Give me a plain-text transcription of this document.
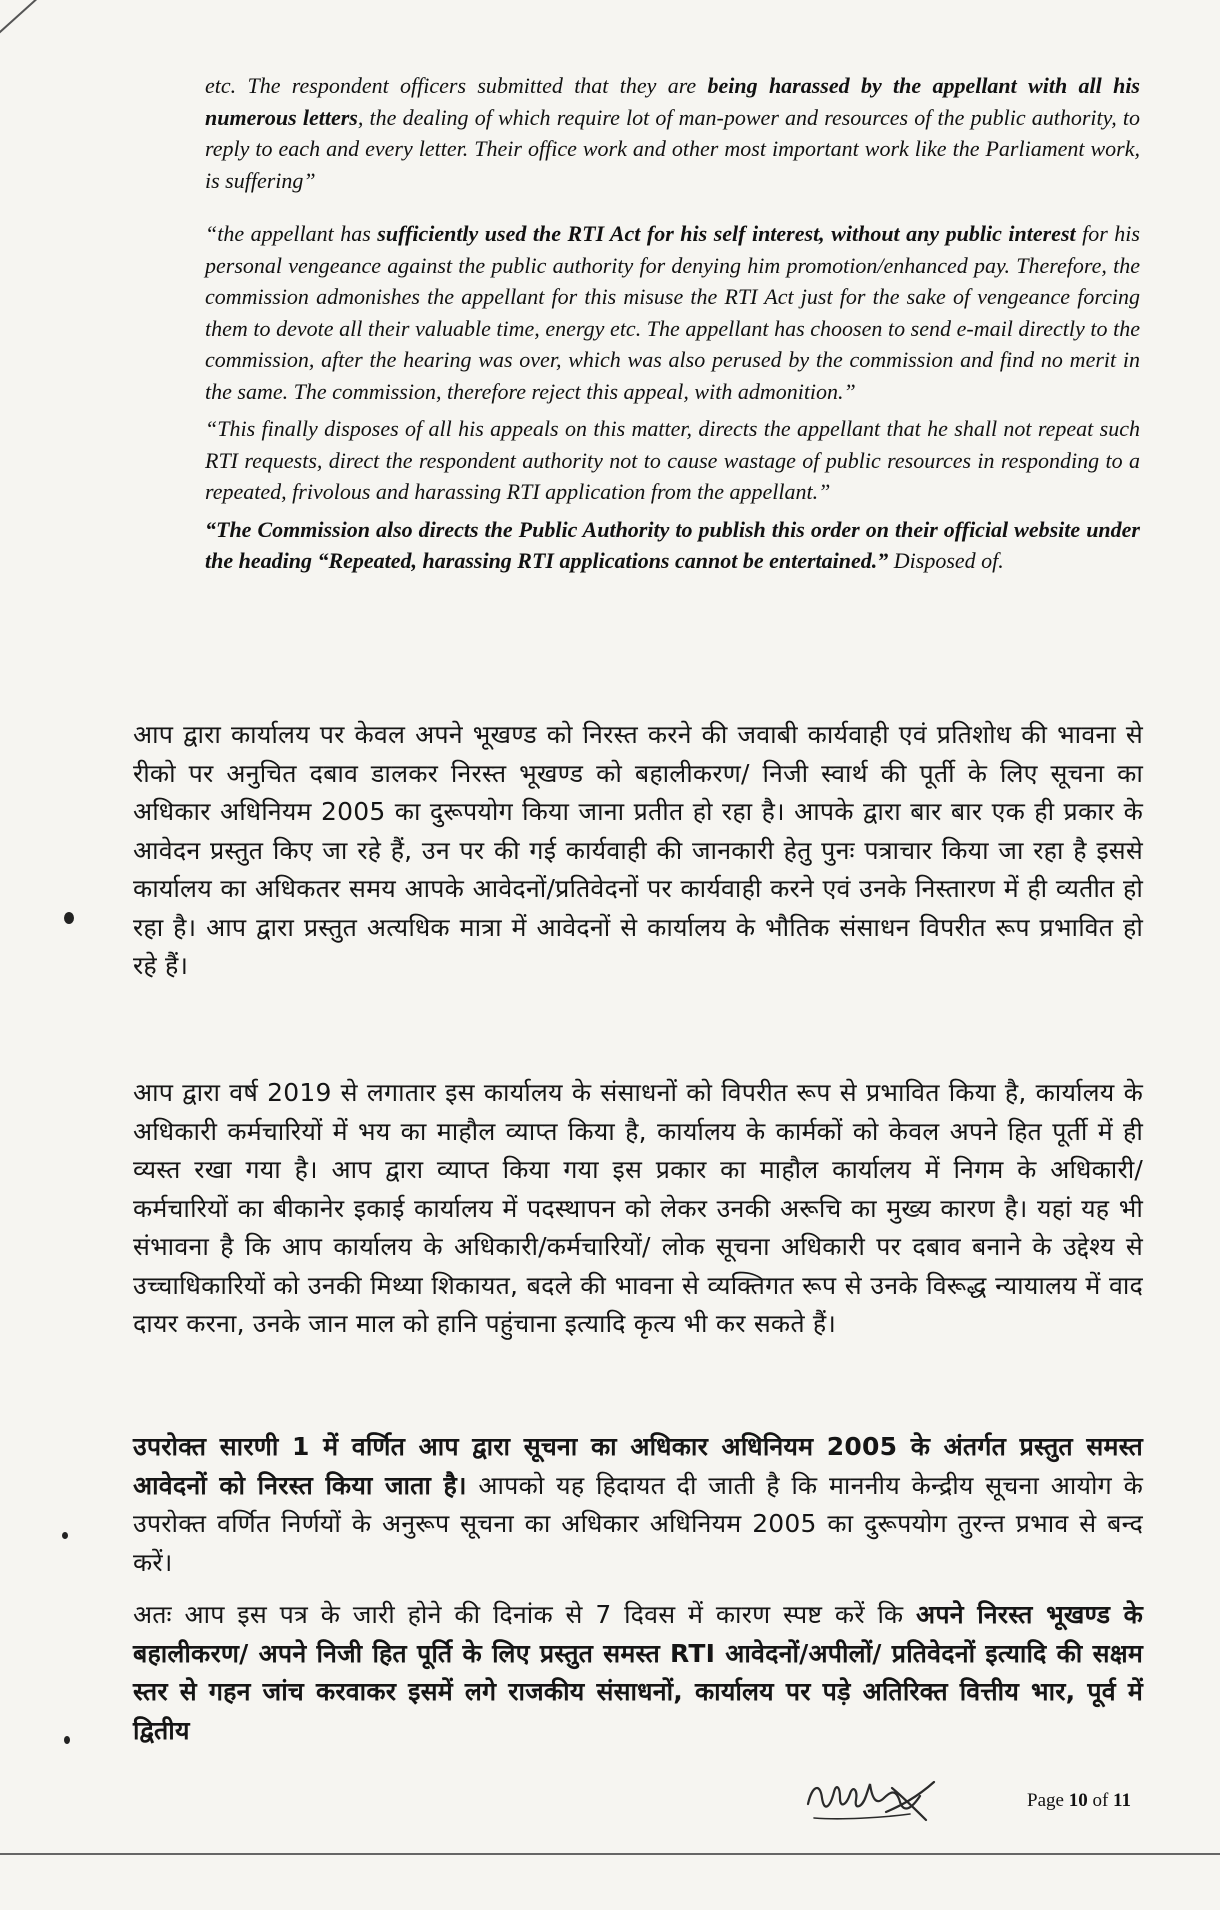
etc. The respondent officers submitted that they are being harassed by the appellant with all his numerous letters, the dealing of which require lot of man-power and resources of the public authority, to reply to each and every letter. Their office work and other most important work like the Parliament work, is suffering”

“the appellant has sufficiently used the RTI Act for his self interest, without any public interest for his personal vengeance against the public authority for denying him promotion/enhanced pay. Therefore, the commission admonishes the appellant for this misuse the RTI Act just for the sake of vengeance forcing them to devote all their valuable time, energy etc. The appellant has choosen to send e-mail directly to the commission, after the hearing was over, which was also perused by the commission and find no merit in the same. The commission, therefore reject this appeal, with admonition.”

“This finally disposes of all his appeals on this matter, directs the appellant that he shall not repeat such RTI requests, direct the respondent authority not to cause wastage of public resources in responding to a repeated, frivolous and harassing RTI application from the appellant.”

“The Commission also directs the Public Authority to publish this order on their official website under the heading “Repeated, harassing RTI applications cannot be entertained.” Disposed of.

आप द्वारा कार्यालय पर केवल अपने भूखण्ड को निरस्त करने की जवाबी कार्यवाही एवं प्रतिशोध की भावना से रीको पर अनुचित दबाव डालकर निरस्त भूखण्ड को बहालीकरण/ निजी स्वार्थ की पूर्ती के लिए सूचना का अधिकार अधिनियम 2005 का दुरूपयोग किया जाना प्रतीत हो रहा है। आपके द्वारा बार बार एक ही प्रकार के आवेदन प्रस्तुत किए जा रहे हैं, उन पर की गई कार्यवाही की जानकारी हेतु पुनः पत्राचार किया जा रहा है इससे कार्यालय का अधिकतर समय आपके आवेदनों/प्रतिवेदनों पर कार्यवाही करने एवं उनके निस्तारण में ही व्यतीत हो रहा है। आप द्वारा प्रस्तुत अत्यधिक मात्रा में आवेदनों से कार्यालय के भौतिक संसाधन विपरीत रूप प्रभावित हो रहे हैं।
आप द्वारा वर्ष 2019 से लगातार इस कार्यालय के संसाधनों को विपरीत रूप से प्रभावित किया है, कार्यालय के अधिकारी कर्मचारियों में भय का माहौल व्याप्त किया है, कार्यालय के कार्मकों को केवल अपने हित पूर्ती में ही व्यस्त रखा गया है। आप द्वारा व्याप्त किया गया इस प्रकार का माहौल कार्यालय में निगम के अधिकारी/कर्मचारियों का बीकानेर इकाई कार्यालय में पदस्थापन को लेकर उनकी अरूचि का मुख्य कारण है। यहां यह भी संभावना है कि आप कार्यालय के अधिकारी/कर्मचारियों/ लोक सूचना अधिकारी पर दबाव बनाने के उद्देश्य से उच्चाधिकारियों को उनकी मिथ्या शिकायत, बदले की भावना से व्यक्तिगत रूप से उनके विरूद्ध न्यायालय में वाद दायर करना, उनके जान माल को हानि पहुंचाना इत्यादि कृत्य भी कर सकते हैं।
उपरोक्त सारणी 1 में वर्णित आप द्वारा सूचना का अधिकार अधिनियम 2005 के अंतर्गत प्रस्तुत समस्त आवेदनों को निरस्त किया जाता है। आपको यह हिदायत दी जाती है कि माननीय केन्द्रीय सूचना आयोग के उपरोक्त वर्णित निर्णयों के अनुरूप सूचना का अधिकार अधिनियम 2005 का दुरूपयोग तुरन्त प्रभाव से बन्द करें।
अतः आप इस पत्र के जारी होने की दिनांक से 7 दिवस में कारण स्पष्ट करें कि अपने निरस्त भूखण्ड के बहालीकरण/ अपने निजी हित पूर्ति के लिए प्रस्तुत समस्त RTI आवेदनों/अपीलों/ प्रतिवेदनों इत्यादि की सक्षम स्तर से गहन जांच करवाकर इसमें लगे राजकीय संसाधनों, कार्यालय पर पड़े अतिरिक्त वित्तीय भार, पूर्व में द्वितीय
Page 10 of 11
